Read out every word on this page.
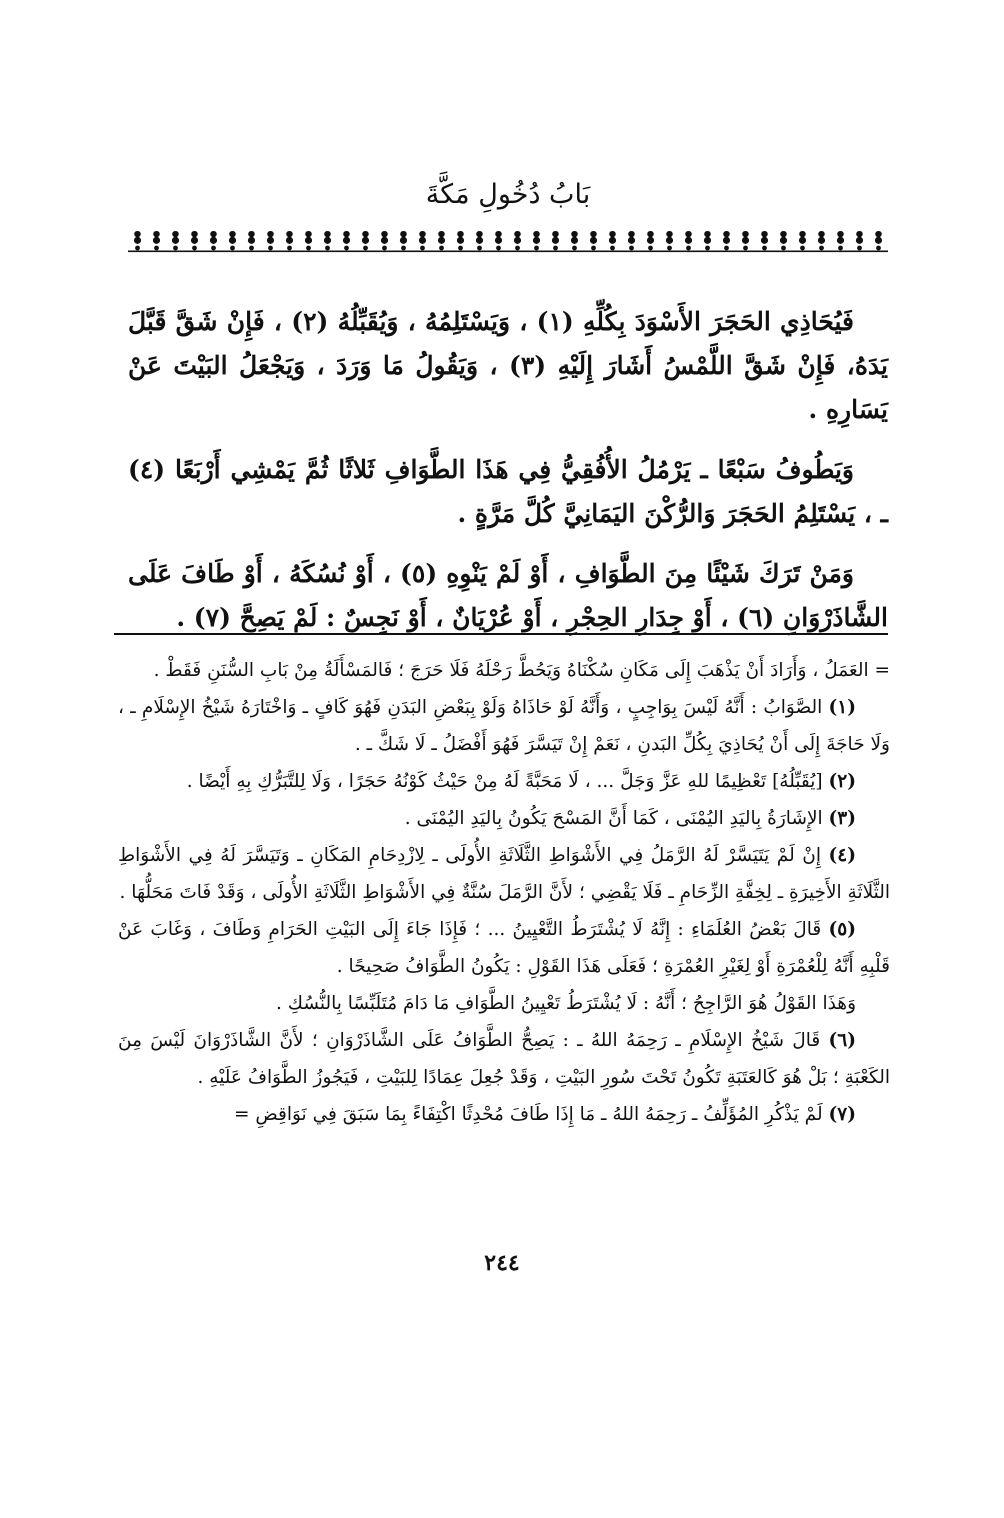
بَابُ دُخُولِ مَكَّةَ

فَيُحَاذِي الحَجَرَ الأَسْوَدَ بِكُلِّهِ (١) ، وَيَسْتَلِمُهُ ، وَيُقَبِّلُهُ (٢) ، فَإِنْ شَقَّ قَبَّلَ يَدَهُ، فَإِنْ شَقَّ اللَّمْسُ أَشَارَ إِلَيْهِ (٣) ، وَيَقُولُ مَا وَرَدَ ، وَيَجْعَلُ البَيْتَ عَنْ يَسَارِهِ .

وَيَطُوفُ سَبْعًا ـ يَرْمُلُ الأُفُقِيُّ فِي هَذَا الطَّوَافِ ثَلاثًا ثُمَّ يَمْشِي أَرْبَعًا (٤) ـ ، يَسْتَلِمُ الحَجَرَ وَالرُّكْنَ اليَمَانِيَّ كُلَّ مَرَّةٍ .

وَمَنْ تَرَكَ شَيْئًا مِنَ الطَّوَافِ ، أَوْ لَمْ يَنْوِهِ (٥) ، أَوْ نُسُكَهُ ، أَوْ طَافَ عَلَى الشَّاذَرْوَانِ (٦) ، أَوْ جِدَارِ الحِجْرِ ، أَوْ عُرْيَانٌ ، أَوْ نَجِسٌ : لَمْ يَصِحَّ (٧) .

= العَمَلُ ، وَأَرَادَ أَنْ يَذْهَبَ إِلَى مَكَانِ سُكْنَاهُ وَيَحُطَّ رَحْلَهُ فَلَا حَرَجَ ؛ فَالمَسْأَلَةُ مِنْ بَابِ السُّنَنِ فَقَطْ .

(١) الصَّوَابُ : أَنَّهُ لَيْسَ بِوَاجِبٍ ، وَأَنَّهُ لَوْ حَاذَاهُ وَلَوْ بِبَعْضِ البَدَنِ فَهُوَ كَافٍ ـ وَاخْتَارَهُ شَيْخُ الإِسْلَامِ ـ ، وَلَا حَاجَةَ إِلَى أَنْ يُحَاذِيَ بِكُلِّ البَدنِ ، نَعَمْ إِنْ تَيَسَّرَ فَهُوَ أَفْضَلُ ـ لَا شَكَّ ـ .

(٢) [يُقَبِّلُهُ] تَعْظِيمًا للهِ عَزَّ وَجَلَّ ... ، لَا مَحَبَّةً لَهُ مِنْ حَيْثُ كَوْنُهُ حَجَرًا ، وَلَا لِلتَّبَرُّكِ بِهِ أَيْضًا .

(٣) الإِشَارَةُ بِاليَدِ اليُمْنَى ، كَمَا أَنَّ المَسْحَ يَكُونُ بِاليَدِ اليُمْنَى .

(٤) إِنْ لَمْ يَتَيَسَّرْ لَهُ الرَّمَلُ فِي الأَشْوَاطِ الثَّلَاثَةِ الأُولَى ـ لِازْدِحَامِ المَكَانِ ـ وَتَيَسَّرَ لَهُ فِي الأَشْوَاطِ الثَّلَاثَةِ الأَخِيرَةِ ـ لِخِفَّةِ الزِّحَامِ ـ فَلَا يَقْضِي ؛ لأَنَّ الرَّمَلَ سُنَّةٌ فِي الأَشْوَاطِ الثَّلَاثَةِ الأُولَى ، وَقَدْ فَاتَ مَحَلُّهَا .

(٥) قَالَ بَعْضُ العُلَمَاءِ : إِنَّهُ لَا يُشْتَرَطُ التَّعْيِينُ ... ؛ فَإِذَا جَاءَ إِلَى البَيْتِ الحَرَامِ وَطَافَ ، وَغَابَ عَنْ قَلْبِهِ أَنَّهُ لِلْعُمْرَةِ أَوْ لِغَيْرِ العُمْرَةِ ؛ فَعَلَى هَذَا القَوْلِ : يَكُونُ الطَّوَافُ صَحِيحًا .

وَهَذَا القَوْلُ هُوَ الرَّاجِحُ ؛ أَنَّهُ : لَا يُشْتَرَطُ تَعْيِينُ الطَّوَافِ مَا دَامَ مُتَلَبِّسًا بِالنُّسُكِ .

(٦) قَالَ شَيْخُ الإِسْلَامِ ـ رَحِمَهُ اللهُ ـ : يَصِحُّ الطَّوَافُ عَلَى الشَّاذَرْوَانِ ؛ لأَنَّ الشَّاذَرْوَانَ لَيْسَ مِنَ الكَعْبَةِ ؛ بَلْ هُوَ كَالعَتَبَةِ تَكُونُ تَحْتَ سُورِ البَيْتِ ، وَقَدْ جُعِلَ عِمَادًا لِلبَيْتِ ، فَيَجُوزُ الطَّوَافُ عَلَيْهِ .

(٧) لَمْ يَذْكُرِ المُؤَلِّفُ ـ رَحِمَهُ اللهُ ـ مَا إِذَا طَافَ مُحْدِثًا اكْتِفَاءً بِمَا سَبَقَ فِي نَوَاقِضِ =

٢٤٤
